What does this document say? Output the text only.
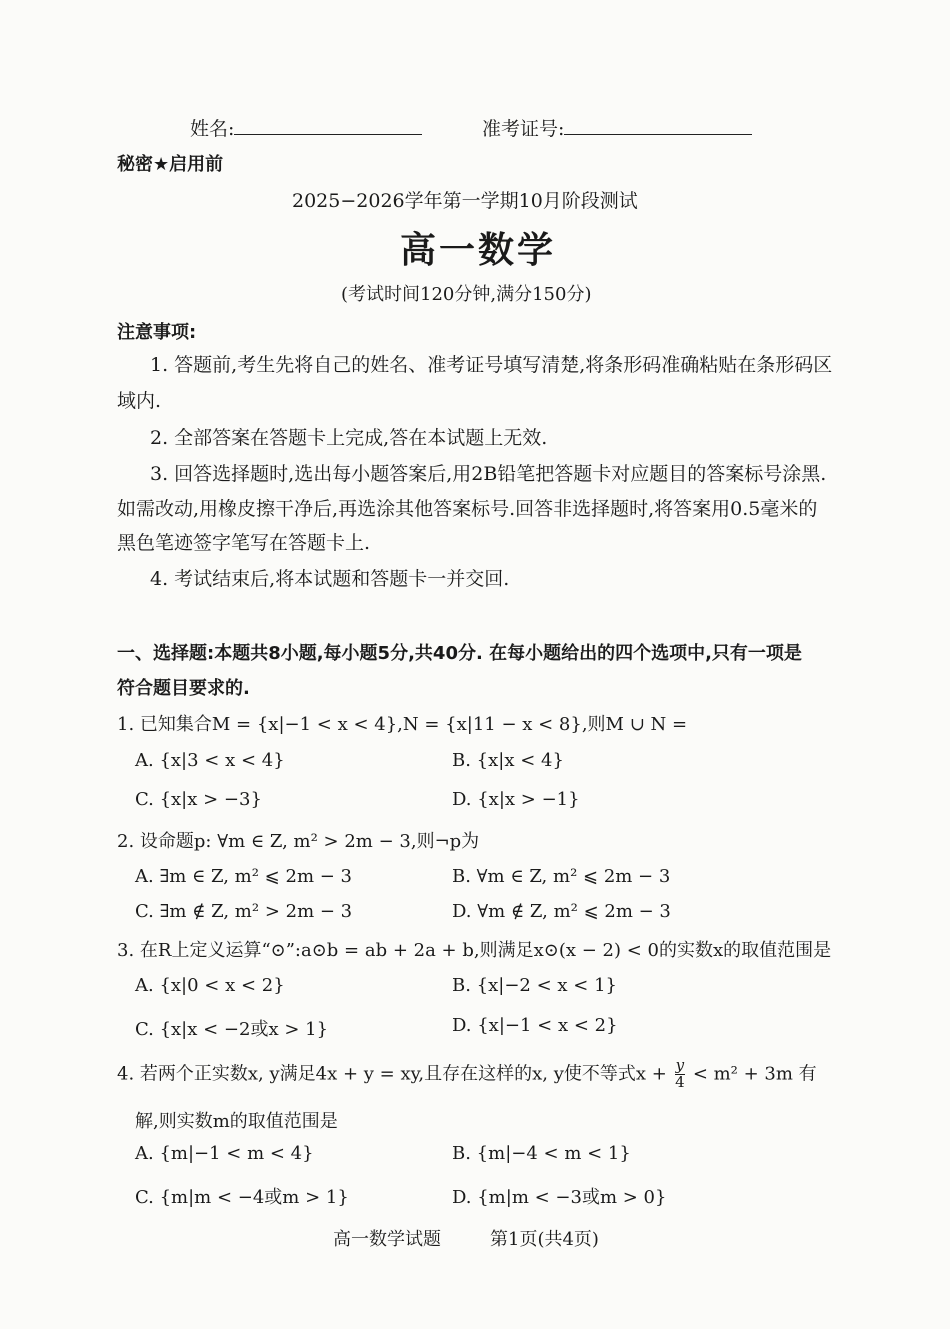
姓名:	准考证号:
秘密★启用前
2025−2026学年第一学期10月阶段测试
高一数学
(考试时间120分钟,满分150分)
注意事项:
1. 答题前,考生先将自己的姓名、准考证号填写清楚,将条形码准确粘贴在条形码区
域内.
2. 全部答案在答题卡上完成,答在本试题上无效.
3. 回答选择题时,选出每小题答案后,用2B铅笔把答题卡对应题目的答案标号涂黑.
如需改动,用橡皮擦干净后,再选涂其他答案标号.回答非选择题时,将答案用0.5毫米的
黑色笔迹签字笔写在答题卡上.
4. 考试结束后,将本试题和答题卡一并交回.
一、选择题:本题共8小题,每小题5分,共40分. 在每小题给出的四个选项中,只有一项是
符合题目要求的.
1. 已知集合M = {x|−1 < x < 4},N = {x|11 − x < 8},则M ∪ N =
A. {x|3 < x < 4}	B. {x|x < 4}
C. {x|x > −3}	D. {x|x > −1}
2. 设命题p: ∀m ∈ Z, m² > 2m − 3,则¬p为
A. ∃m ∈ Z, m² ⩽ 2m − 3	B. ∀m ∈ Z, m² ⩽ 2m − 3
C. ∃m ∉ Z, m² > 2m − 3	D. ∀m ∉ Z, m² ⩽ 2m − 3
3. 在R上定义运算“⊙”:a⊙b = ab + 2a + b,则满足x⊙(x − 2) < 0的实数x的取值范围是
A. {x|0 < x < 2}	B. {x|−2 < x < 1}
C. {x|x < −2或x > 1}	D. {x|−1 < x < 2}
4. 若两个正实数x, y满足4x + y = xy,且存在这样的x, y使不等式$x + \frac{y}{4} < m^2 + 3m$ 有
解,则实数m的取值范围是
A. {m|−1 < m < 4}	B. {m|−4 < m < 1}
C. {m|m < −4或m > 1}	D. {m|m < −3或m > 0}
高一数学试题	第1页(共4页)
